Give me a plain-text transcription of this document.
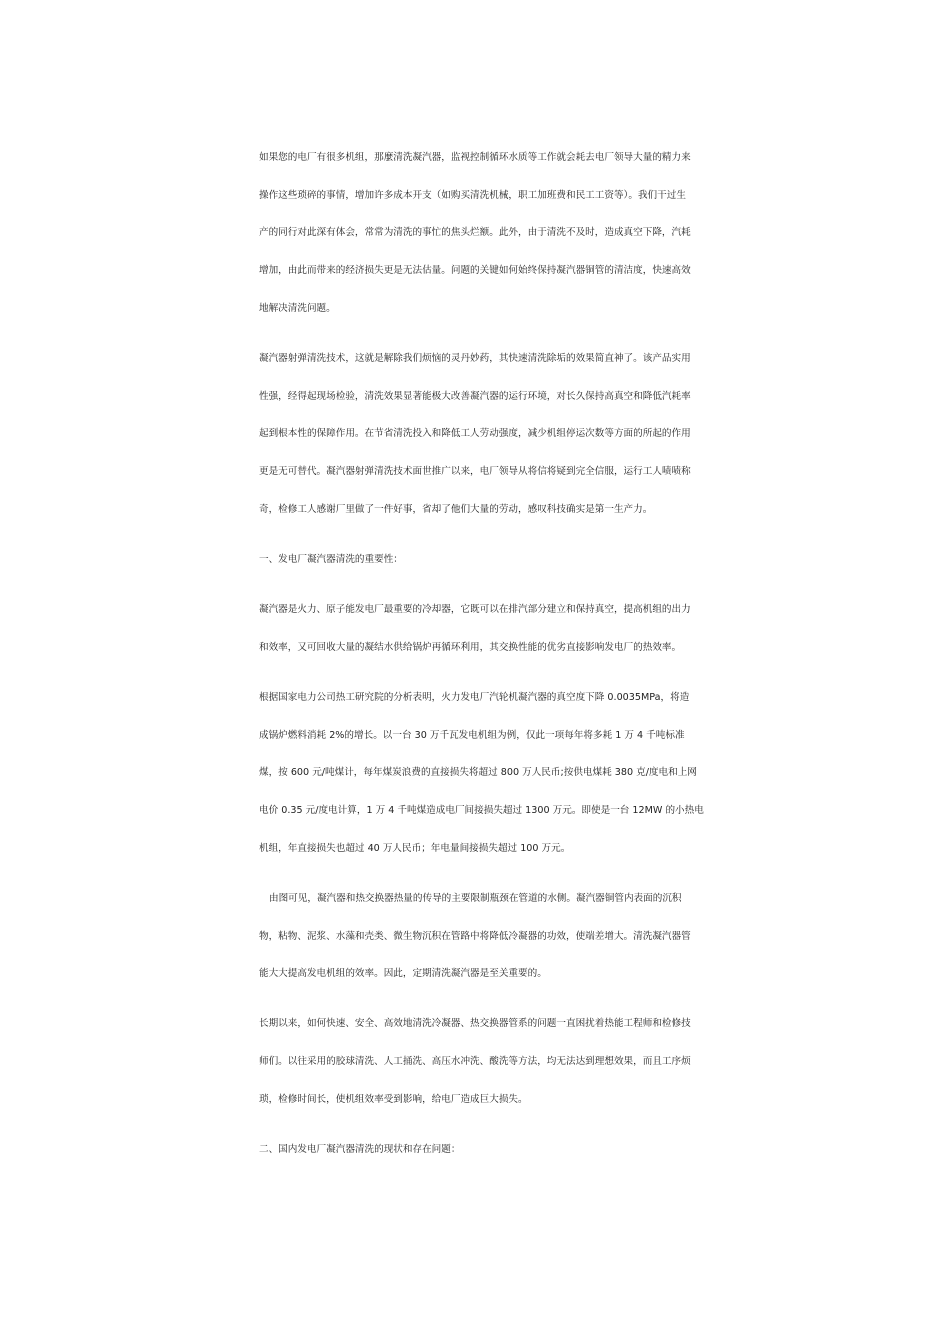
如果您的电厂有很多机组，那麼清洗凝汽器，监视控制循环水质等工作就会耗去电厂领导大量的精力来
操作这些琐碎的事情，增加许多成本开支（如购买清洗机械，职工加班费和民工工资等）。我们干过生
产的同行对此深有体会，常常为清洗的事忙的焦头烂额。此外，由于清洗不及时，造成真空下降，汽耗
增加，由此而带来的经济损失更是无法估量。问题的关键如何始终保持凝汽器铜管的清洁度，快速高效
地解决清洗问题。
凝汽器射弹清洗技术，这就是解除我们烦恼的灵丹妙药，其快速清洗除垢的效果简直神了。该产品实用
性强，经得起现场检验，清洗效果显著能极大改善凝汽器的运行环境，对长久保持高真空和降低汽耗率
起到根本性的保障作用。在节省清洗投入和降低工人劳动强度，减少机组停运次数等方面的所起的作用
更是无可替代。凝汽器射弹清洗技术面世推广以来，电厂领导从将信将疑到完全信服，运行工人啧啧称
奇，检修工人感谢厂里做了一件好事，省却了他们大量的劳动，感叹科技确实是第一生产力。
一、发电厂凝汽器清洗的重要性：
凝汽器是火力、原子能发电厂最重要的冷却器，它既可以在排汽部分建立和保持真空，提高机组的出力
和效率，又可回收大量的凝结水供给锅炉再循环利用，其交换性能的优劣直接影响发电厂的热效率。
根据国家电力公司热工研究院的分析表明，火力发电厂汽轮机凝汽器的真空度下降 0.0035MPa，将造
成锅炉燃料消耗 2%的增长。以一台 30 万千瓦发电机组为例，仅此一项每年将多耗 1 万 4 千吨标准
煤，按 600 元/吨煤计，每年煤炭浪费的直接损失将超过 800 万人民币;按供电煤耗 380 克/度电和上网
电价 0.35 元/度电计算，1 万 4 千吨煤造成电厂间接损失超过 1300 万元。即使是一台 12MW 的小热电
机组，年直接损失也超过 40 万人民币；年电量间接损失超过 100 万元。
由图可见，凝汽器和热交换器热量的传导的主要限制瓶颈在管道的水侧。凝汽器铜管内表面的沉积
物，粘物、泥浆、水藻和壳类、微生物沉积在管路中将降低冷凝器的功效，使端差增大。清洗凝汽器管
能大大提高发电机组的效率。因此，定期清洗凝汽器是至关重要的。
长期以来，如何快速、安全、高效地清洗冷凝器、热交换器管系的问题一直困扰着热能工程师和检修技
师们。以往采用的胶球清洗、人工捅洗、高压水冲洗、酸洗等方法，均无法达到理想效果，而且工序烦
琐，检修时间长，使机组效率受到影响，给电厂造成巨大损失。
二、国内发电厂凝汽器清洗的现状和存在问题：
